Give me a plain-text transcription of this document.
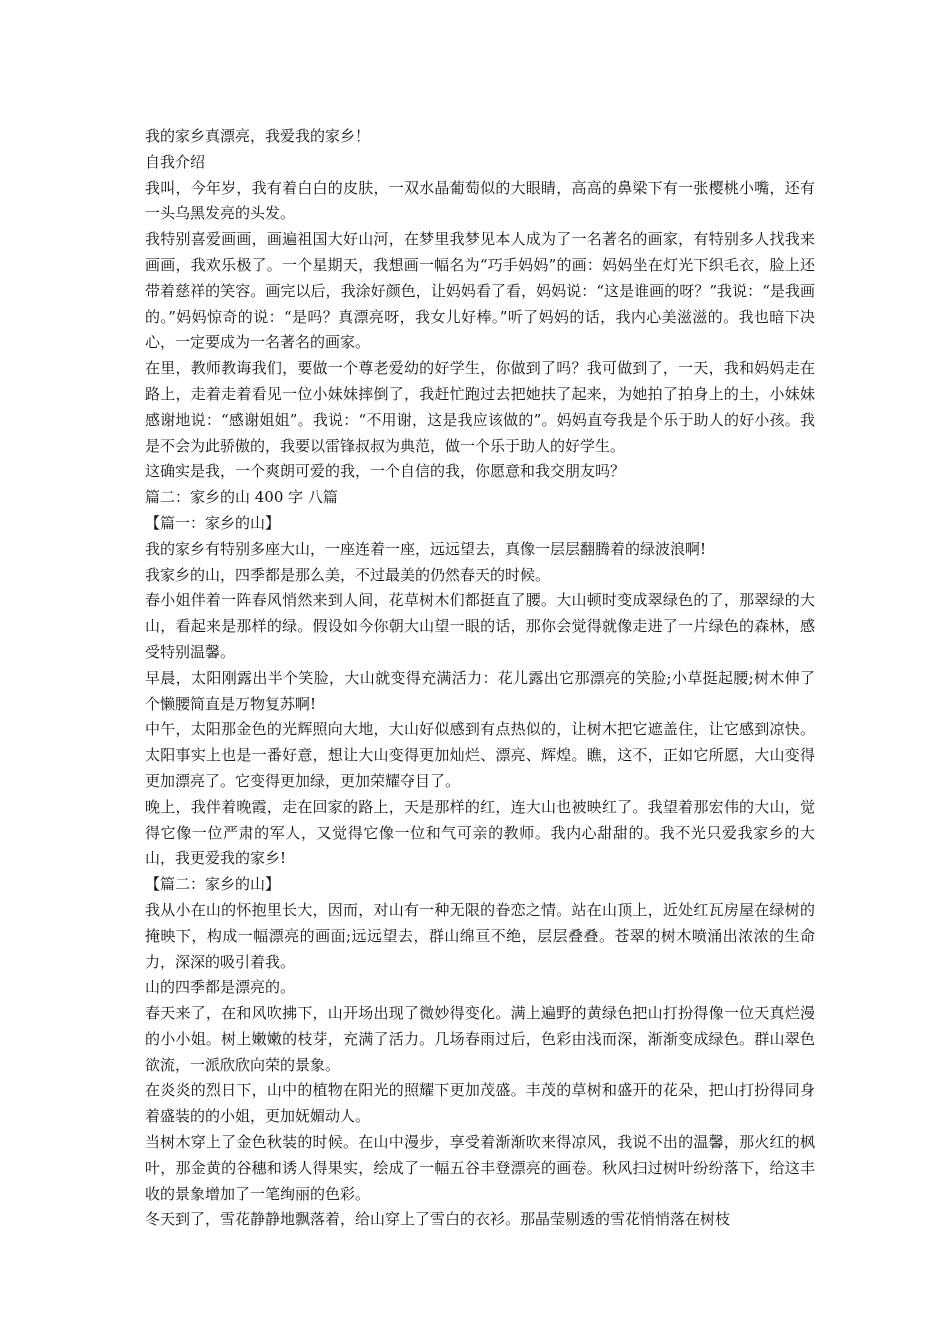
我的家乡真漂亮，我爱我的家乡！

自我介绍

我叫，今年岁，我有着白白的皮肤，一双水晶葡萄似的大眼睛，高高的鼻梁下有一张樱桃小嘴，还有一头乌黑发亮的头发。

我特别喜爱画画，画遍祖国大好山河，在梦里我梦见本人成为了一名著名的画家，有特别多人找我来画画，我欢乐极了。一个星期天，我想画一幅名为“巧手妈妈”的画：妈妈坐在灯光下织毛衣，脸上还带着慈祥的笑容。画完以后，我涂好颜色，让妈妈看了看，妈妈说：“这是谁画的呀？”我说：“是我画的。”妈妈惊奇的说：“是吗？真漂亮呀，我女儿好棒。”听了妈妈的话，我内心美滋滋的。我也暗下决心，一定要成为一名著名的画家。

在里，教师教诲我们，要做一个尊老爱幼的好学生，你做到了吗？我可做到了，一天，我和妈妈走在路上，走着走着看见一位小妹妹摔倒了，我赶忙跑过去把她扶了起来，为她拍了拍身上的土，小妹妹感谢地说：“感谢姐姐”。我说：“不用谢，这是我应该做的”。妈妈直夸我是个乐于助人的好小孩。我是不会为此骄傲的，我要以雷锋叔叔为典范，做一个乐于助人的好学生。

这确实是我，一个爽朗可爱的我，一个自信的我，你愿意和我交朋友吗？

篇二：家乡的山 400 字 八篇

【篇一：家乡的山】

我的家乡有特别多座大山，一座连着一座，远远望去，真像一层层翻腾着的绿波浪啊!

我家乡的山，四季都是那么美，不过最美的仍然春天的时候。

春小姐伴着一阵春风悄然来到人间，花草树木们都挺直了腰。大山顿时变成翠绿色的了，那翠绿的大山，看起来是那样的绿。假设如今你朝大山望一眼的话，那你会觉得就像走进了一片绿色的森林，感受特别温馨。

早晨，太阳刚露出半个笑脸，大山就变得充满活力：花儿露出它那漂亮的笑脸;小草挺起腰;树木伸了个懒腰简直是万物复苏啊!

中午，太阳那金色的光辉照向大地，大山好似感到有点热似的，让树木把它遮盖住，让它感到凉快。太阳事实上也是一番好意，想让大山变得更加灿烂、漂亮、辉煌。瞧，这不，正如它所愿，大山变得更加漂亮了。它变得更加绿，更加荣耀夺目了。

晚上，我伴着晚霞，走在回家的路上，天是那样的红，连大山也被映红了。我望着那宏伟的大山，觉得它像一位严肃的军人，又觉得它像一位和气可亲的教师。我内心甜甜的。我不光只爱我家乡的大山，我更爱我的家乡!

【篇二：家乡的山】

我从小在山的怀抱里长大，因而，对山有一种无限的眷恋之情。站在山顶上，近处红瓦房屋在绿树的掩映下，构成一幅漂亮的画面;远远望去，群山绵亘不绝，层层叠叠。苍翠的树木喷涌出浓浓的生命力，深深的吸引着我。

山的四季都是漂亮的。

春天来了，在和风吹拂下，山开场出现了微妙得变化。满上遍野的黄绿色把山打扮得像一位天真烂漫的小小姐。树上嫩嫩的枝芽，充满了活力。几场春雨过后，色彩由浅而深，渐渐变成绿色。群山翠色欲流，一派欣欣向荣的景象。

在炎炎的烈日下，山中的植物在阳光的照耀下更加茂盛。丰茂的草树和盛开的花朵，把山打扮得同身着盛装的的小姐，更加妩媚动人。

当树木穿上了金色秋装的时候。在山中漫步，享受着渐渐吹来得凉风，我说不出的温馨，那火红的枫叶，那金黄的谷穗和诱人得果实，绘成了一幅五谷丰登漂亮的画卷。秋风扫过树叶纷纷落下，给这丰收的景象增加了一笔绚丽的色彩。

冬天到了，雪花静静地飘落着，给山穿上了雪白的衣衫。那晶莹剔透的雪花悄悄落在树枝
